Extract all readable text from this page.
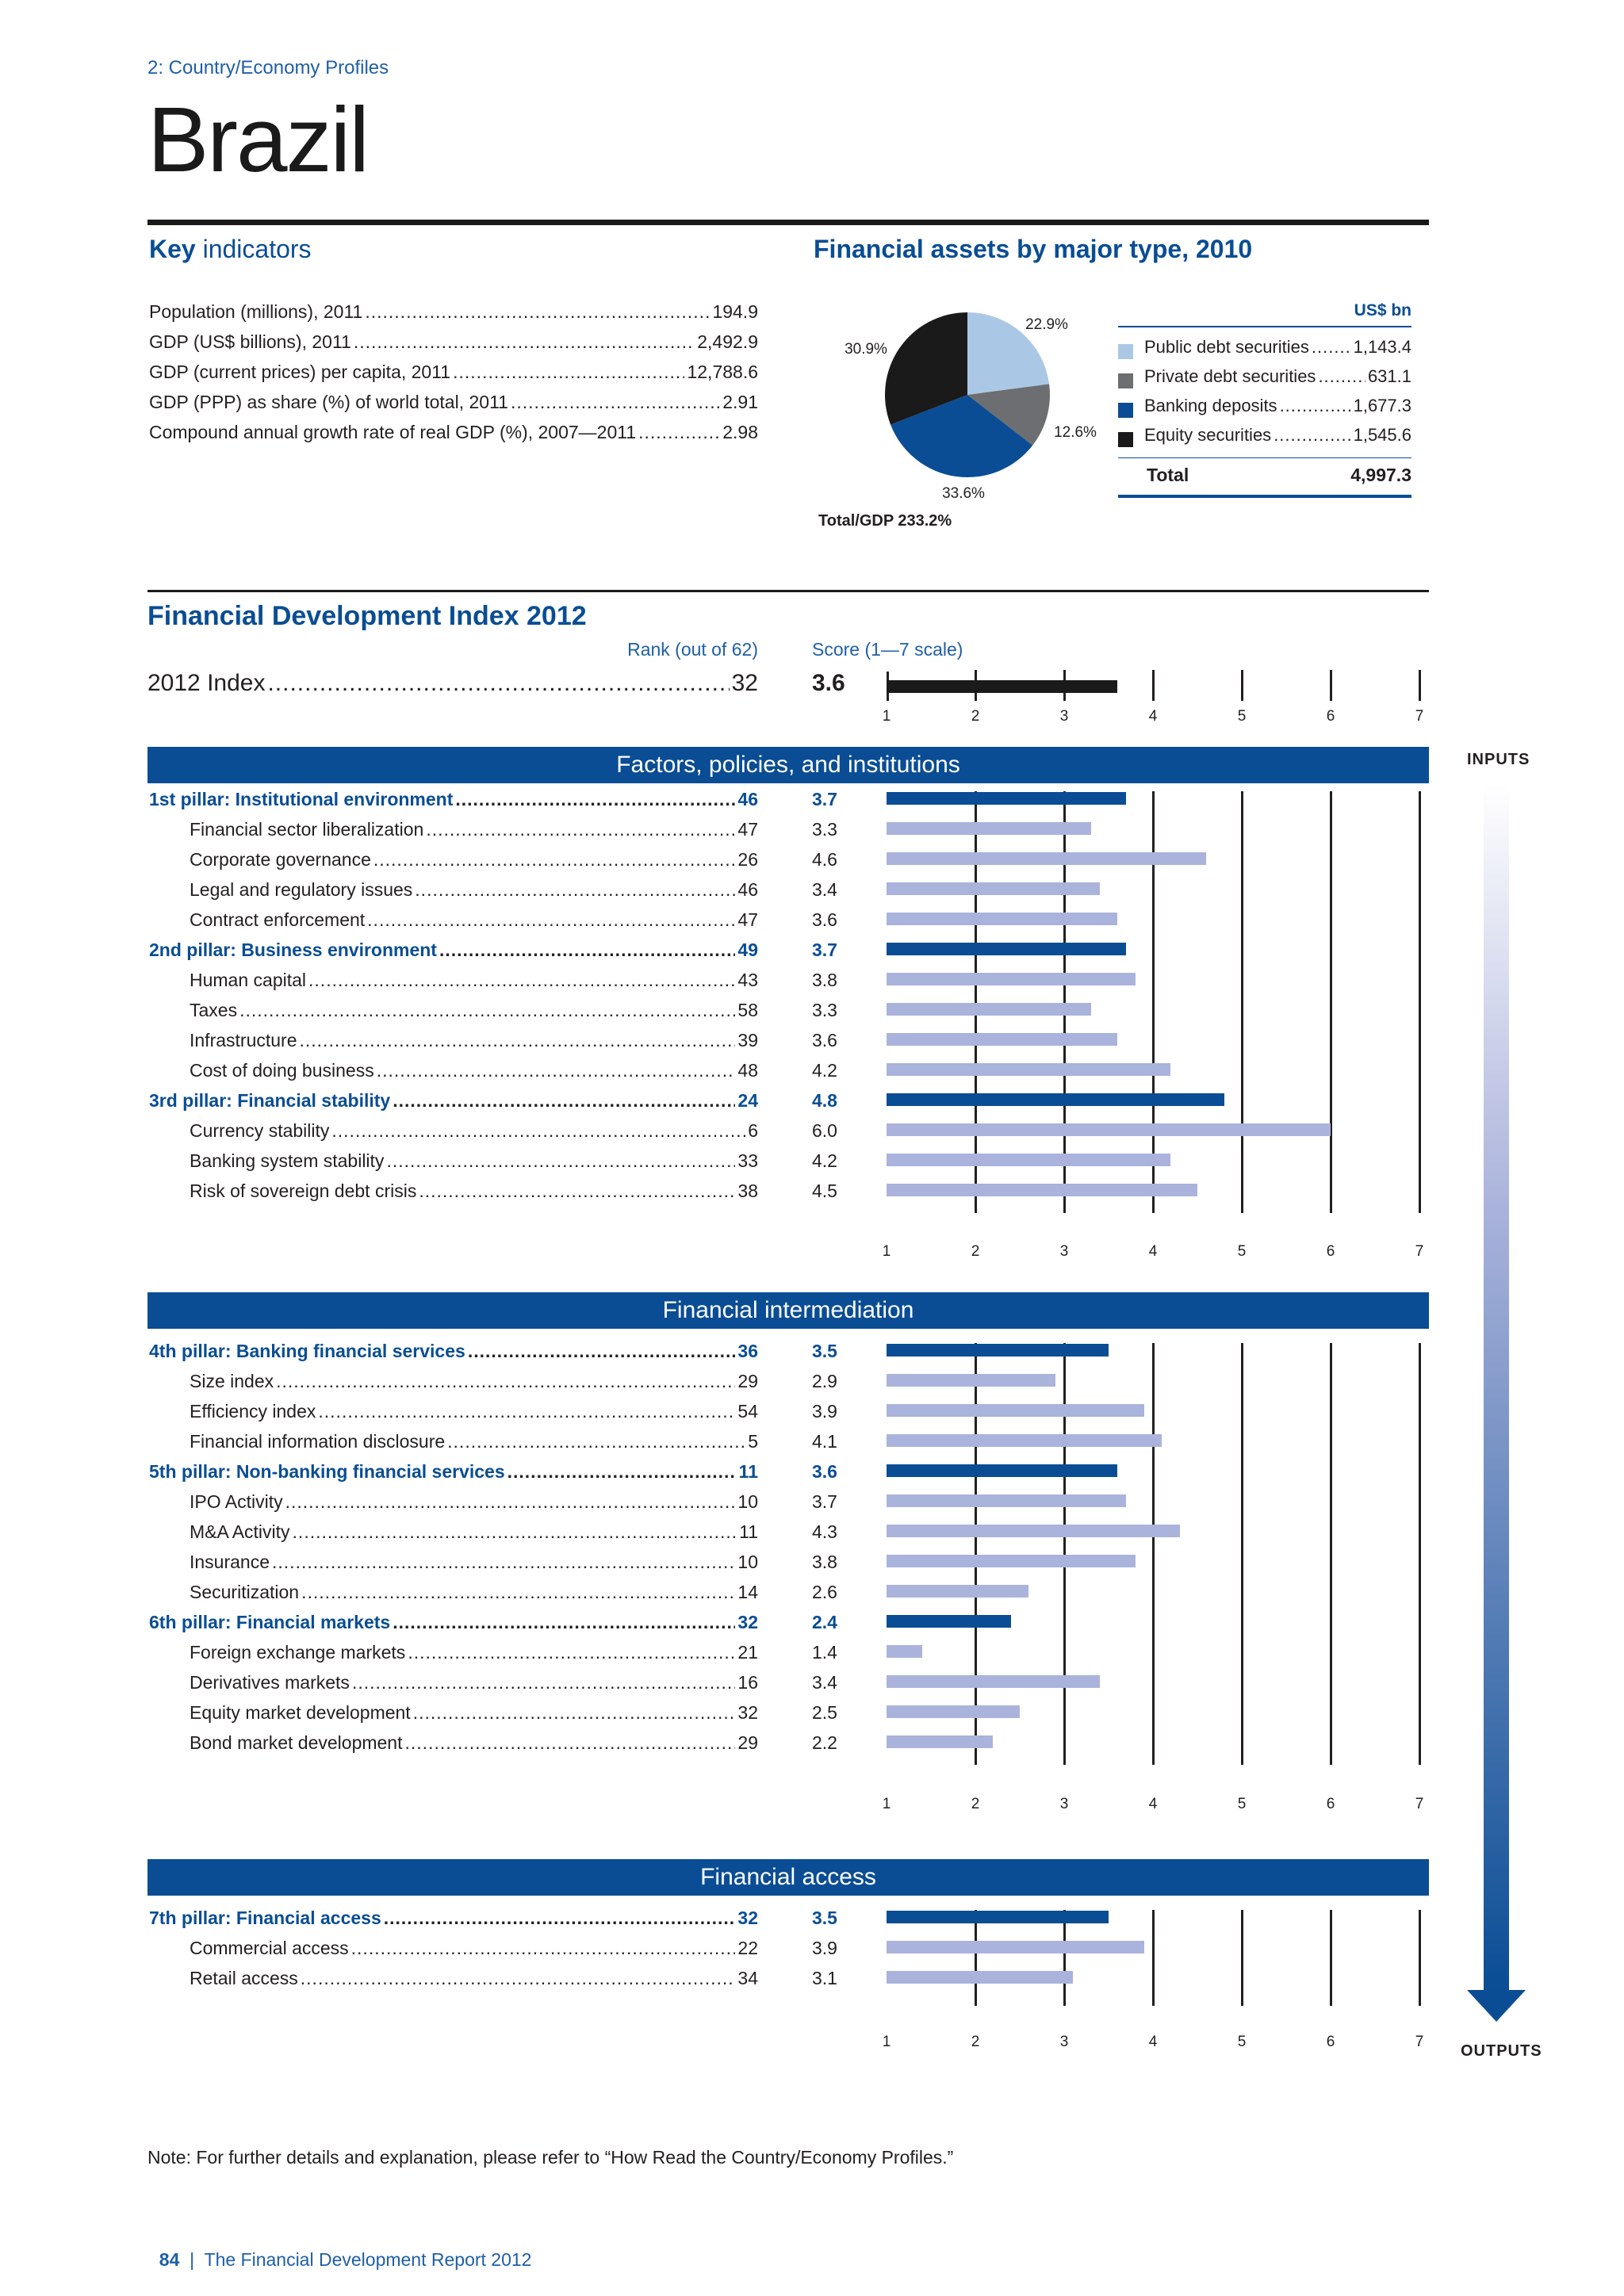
2: Country/Economy Profiles
Brazil
Key indicators
Population (millions), 2011 .....	194.9
GDP (US$ billions), 2011 .....	2,492.9
GDP (current prices) per capita, 2011 .....	12,788.6
GDP (PPP) as share (%) of world total, 2011 .....	2.91
Compound annual growth rate of real GDP (%), 2007—2011 .....	2.98
Financial assets by major type, 2010
22.9%
12.6%
33.6%
30.9%
Total/GDP 233.2%
US$ bn
Public debt securities .....	1,143.4
Private debt securities .....	631.1
Banking deposits .....	1,677.3
Equity securities .....	1,545.6
Total	4,997.3
Financial Development Index 2012
Rank (out of 62)	Score (1—7 scale)
2012 Index .....	32 3.6
INPUTS
OUTPUTS
Note: For further details and explanation, please refer to “How Read the Country/Economy Profiles.”

84 | The Financial Development Report 2012

1	2	3	4	5	6	7
Factors, policies, and institutions
1	2	3	4	5	6	7
1st pillar: Institutional environment .....	46	3.7
Financial sector liberalization .....	47	3.3
Corporate governance .....	26	4.6
Legal and regulatory issues .....	46	3.4
Contract enforcement .....	47	3.6
2nd pillar: Business environment .....	49	3.7
Human capital .....	43	3.8
Taxes .....	58	3.3
Infrastructure .....	39	3.6
Cost of doing business .....	48	4.2
3rd pillar: Financial stability .....	24	4.8
Currency stability .....	6	6.0
Banking system stability .....	33	4.2
Risk of sovereign debt crisis .....	38	4.5
Financial intermediation
1	2	3	4	5	6	7
4th pillar: Banking financial services .....	36	3.5
Size index .....	29	2.9
Efficiency index .....	54	3.9
Financial information disclosure .....	5	4.1
5th pillar: Non-banking financial services .....	11	3.6
IPO Activity .....	10	3.7
M&A Activity .....	11	4.3
Insurance .....	10	3.8
Securitization .....	14	2.6
6th pillar: Financial markets .....	32	2.4
Foreign exchange markets .....	21	1.4
Derivatives markets .....	16	3.4
Equity market development .....	32	2.5
Bond market development .....	29	2.2
Financial access
1	2	3	4	5	6	7
7th pillar: Financial access .....	32	3.5
Commercial access .....	22	3.9
Retail access .....	34	3.1
